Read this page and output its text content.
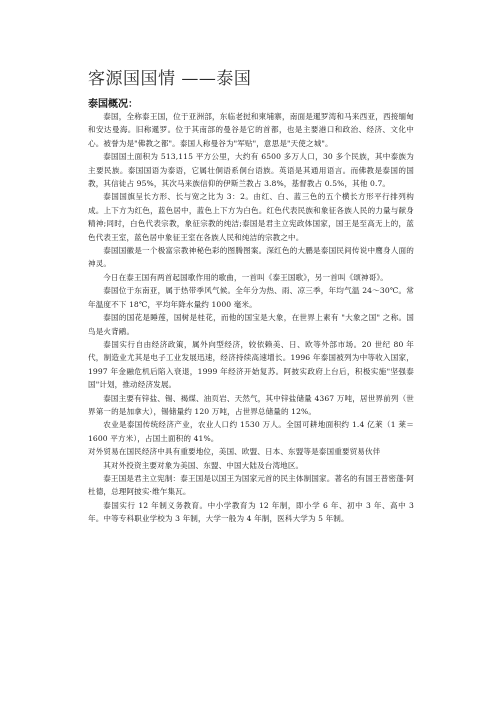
客源国国情 ——泰国
泰国概况：

泰国，全称泰王国，位于亚洲部，东临老挝和柬埔寨，南面是暹罗湾和马来西亚，西接缅甸和安达曼海。旧称暹罗。位于其南部的曼谷是它的首都，也是主要港口和政治、经济、文化中心。被誉为是"佛教之都"。泰国人称曼谷为"军贴"，意思是"天使之城"。

泰国国土面积为 513,115 平方公里，大约有 6500 多万人口，30 多个民族，其中泰族为主要民族。泰国国语为泰语，它属壮侗语系侗台语族。英语是其通用语言。而佛教是泰国的国教，其信徒占 95%，其次马来族信仰的伊斯兰教占 3.8%，基督教占 0.5%，其他 0.7。

泰国国旗呈长方形、长与宽之比为 3：2。由红、白、蓝三色的五个横长方形平行排列构成。上下方为红色，蓝色居中，蓝色上下方为白色。红色代表民族和象征各族人民的力量与献身精神;同时，白色代表宗教，象征宗教的纯洁;泰国是君主立宪政体国家，国王是至高无上的，蓝色代表王室，蓝色居中象征王室在各族人民和纯洁的宗教之中。

泰国国徽是一个极富宗教神秘色彩的图腾图案。深红色的大鹏是泰国民间传说中鹰身人面的神灵。

今日在泰王国有两首起国歌作用的歌曲，一首叫《泰王国歌》，另一首叫《颂神哥》。

泰国位于东南亚，属于热带季风气候。全年分为热、雨、凉三季，年均气温 24～30℃。常年温度不下 18℃，平均年降水量约 1000 毫米。

泰国的国花是睡莲，国树是桂花，而他的国宝是大象，在世界上素有 "大象之国" 之称。国鸟是火背鹇。

泰国实行自由经济政策，属外向型经济，较依赖美、日、欧等外部市场。20 世纪 80 年代，制造业尤其是电子工业发展迅速，经济持续高速增长。1996 年泰国被列为中等收入国家，1997 年金融危机后陷入衰退，1999 年经济开始复苏。阿披实政府上台后，积极实施"坚强泰国"计划，推动经济发展。

泰国主要有锌盐、锡、褐煤、油页岩、天然气，其中锌盐储量 4367 万吨，居世界前列（世界第一的是加拿大），锡储量约 120 万吨，占世界总储量的 12%。

农业是泰国传统经济产业，农业人口约 1530 万人。全国可耕地面积约 1.4 亿莱（1 莱＝1600 平方米），占国土面积的 41%。

对外贸易在国民经济中具有重要地位，美国、欧盟、日本、东盟等是泰国重要贸易伙伴

其对外投资主要对象为美国、东盟、中国大陆及台湾地区。

泰王国是君主立宪制：泰王国是以国王为国家元首的民主体制国家。著名的有国王普密蓬·阿杜德，总理阿披实·维乍集瓦。

泰国实行 12 年制义务教育。中小学教育为 12 年制，即小学 6 年、初中 3 年、高中 3 年。中等专科职业学校为 3 年制，大学一般为 4 年制，医科大学为 5 年制。
